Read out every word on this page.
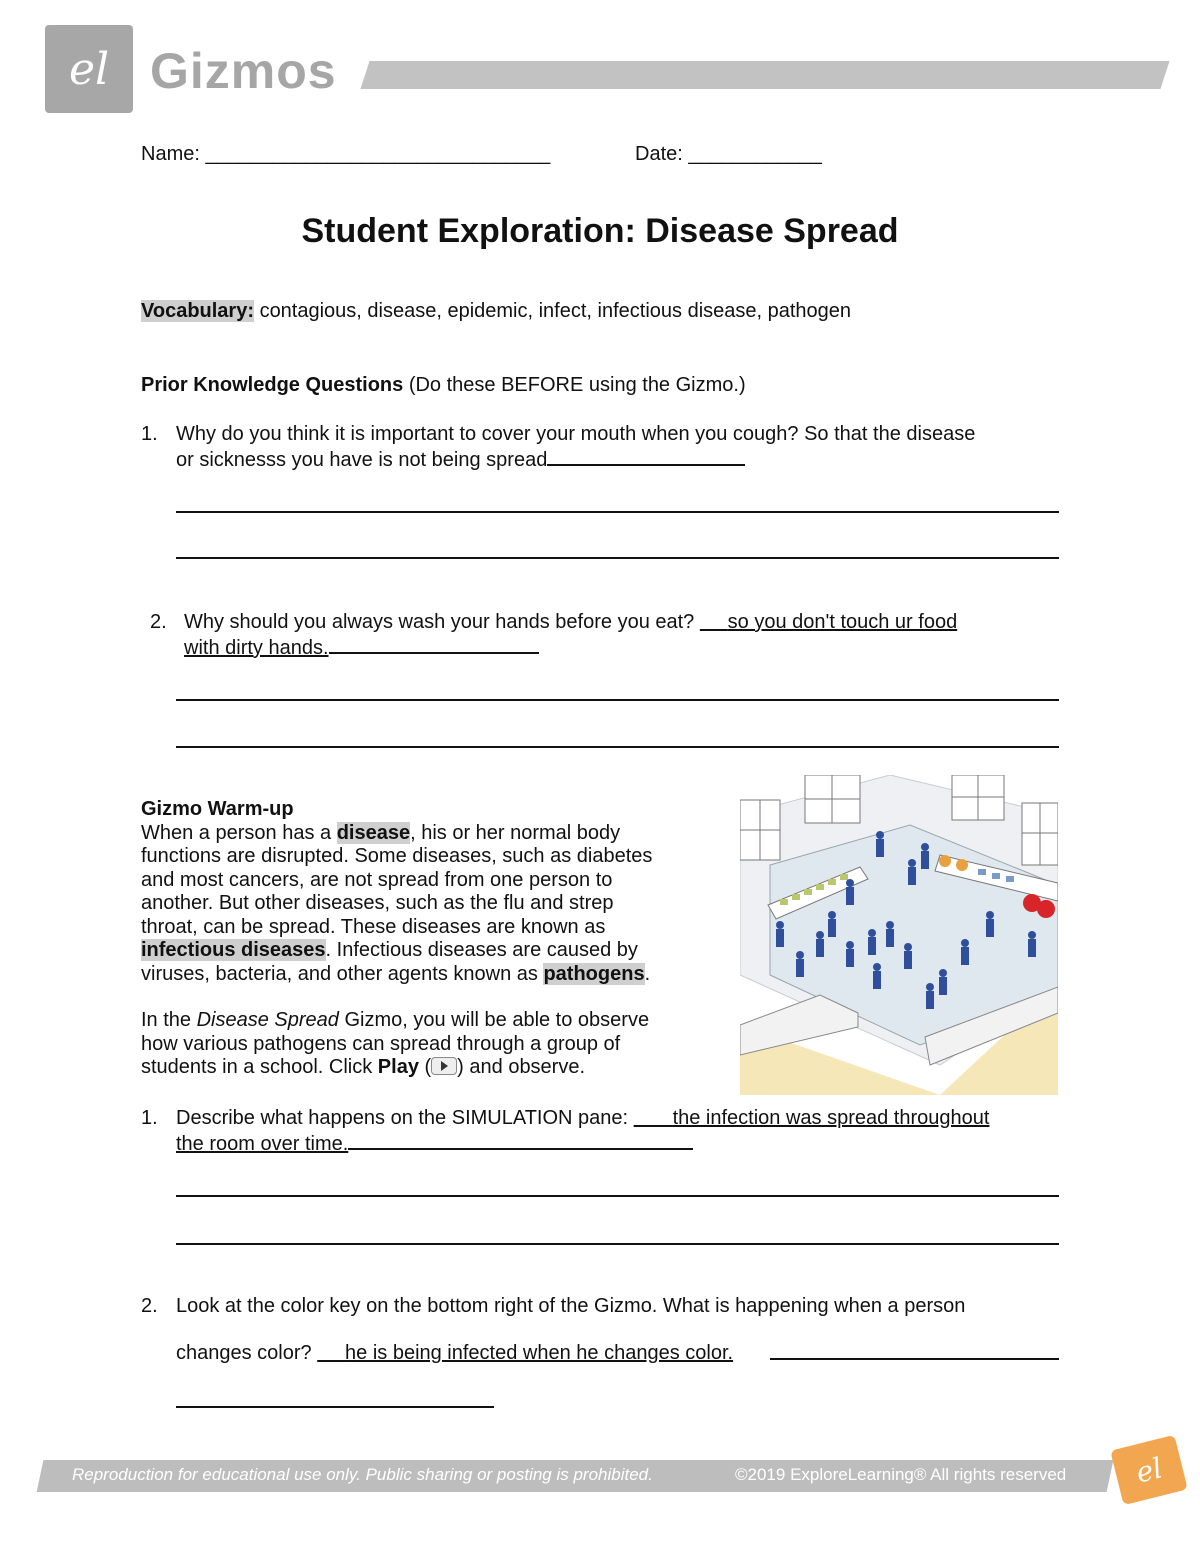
el Gizmos
Name: _______________________________	Date: ____________
Student Exploration: Disease Spread
Vocabulary: contagious, disease, epidemic, infect, infectious disease, pathogen
Prior Knowledge Questions (Do these BEFORE using the Gizmo.)
1. Why do you think it is important to cover your mouth when you cough? So that the disease
or sicknesss you have is not being spread
2. Why should you always wash your hands before you eat? so you don't touch ur food
with dirty hands.
Gizmo Warm-up
When a person has a disease, his or her normal body
functions are disrupted. Some diseases, such as diabetes
and most cancers, are not spread from one person to
another. But other diseases, such as the flu and strep
throat, can be spread. These diseases are known as
infectious diseases. Infectious diseases are caused by
viruses, bacteria, and other agents known as pathogens.
In the Disease Spread Gizmo, you will be able to observe
how various pathogens can spread through a group of
students in a school. Click Play ( ) and observe.
1. Describe what happens on the SIMULATION pane: the infection was spread throughout
the room over time.
2. Look at the color key on the bottom right of the Gizmo. What is happening when a person
changes color? he is being infected when he changes color.
Reproduction for educational use only. Public sharing or posting is prohibited.	©2019 ExploreLearning® All rights reserved el
